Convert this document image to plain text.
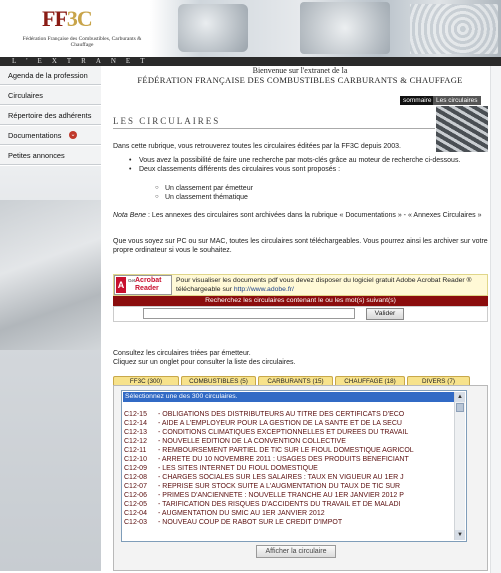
FF3C
Fédération Française des Combustibles, Carburants & Chauffage
L'EXTRANET
Agenda de la profession
Circulaires
Répertoire des adhérents
Documentations ⌄
Petites annonces
Bienvenue sur l'extranet de la
FÉDÉRATION FRANÇAISE DES COMBUSTIBLES CARBURANTS & CHAUFFAGE
sommaire Les circulaires
LES CIRCULAIRES
Dans cette rubrique, vous retrouverez toutes les circulaires éditées par la FF3C depuis 2003.
• Vous avez la possibilité de faire une recherche par mots-clés grâce au moteur de recherche ci-dessous.
• Deux classements différents des circulaires vous sont proposés :
○ Un classement par émetteur
○ Un classement thématique
Nota Bene : Les annexes des circulaires sont archivées dans la rubrique « Documentations » - « Annexes Circulaires »
Que vous soyez sur PC ou sur MAC, toutes les circulaires sont téléchargeables. Vous pourrez ainsi les archiver sur votre propre ordinateur si vous le souhaitez.
A Get Acrobat
Reader
Pour visualiser les documents pdf vous devez disposer du logiciel gratuit Adobe Acrobat Reader ® téléchargeable sur http://www.adobe.fr/
Recherchez les circulaires contenant le ou les mot(s) suivant(s)
Valider
Consultez les circulaires triées par émetteur.
Cliquez sur un onglet pour consulter la liste des circulaires.
FF3C (300)	COMBUSTIBLES (5)	CARBURANTS (15)	CHAUFFAGE (18)	DIVERS (7)
Sélectionnez une des 300 circulaires.
C12-15 - OBLIGATIONS DES DISTRIBUTEURS AU TITRE DES CERTIFICATS D'ECO
C12-14 - AIDE A L'EMPLOYEUR POUR LA GESTION DE LA SANTE ET DE LA SECU
C12-13 - CONDITIONS CLIMATIQUES EXCEPTIONNELLES ET DUREES DU TRAVAIL
C12-12 - NOUVELLE EDITION DE LA CONVENTION COLLECTIVE
C12-11 - REMBOURSEMENT PARTIEL DE TIC SUR LE FIOUL DOMESTIQUE AGRICOL
C12-10 - ARRETE DU 10 NOVEMBRE 2011 : USAGES DES PRODUITS BENEFICIANT
C12-09 - LES SITES INTERNET DU FIOUL DOMESTIQUE
C12-08 - CHARGES SOCIALES SUR LES SALAIRES : TAUX EN VIGUEUR AU 1ER J
C12-07 - REPRISE SUR STOCK SUITE A L'AUGMENTATION DU TAUX DE TIC SUR
C12-06 - PRIMES D'ANCIENNETE : NOUVELLE TRANCHE AU 1ER JANVIER 2012 P
C12-05 - TARIFICATION DES RISQUES D'ACCIDENTS DU TRAVAIL ET DE MALADI
C12-04 - AUGMENTATION DU SMIC AU 1ER JANVIER 2012
C12-03 - NOUVEAU COUP DE RABOT SUR LE CREDIT D'IMPOT
▲
▼
Afficher la circulaire
